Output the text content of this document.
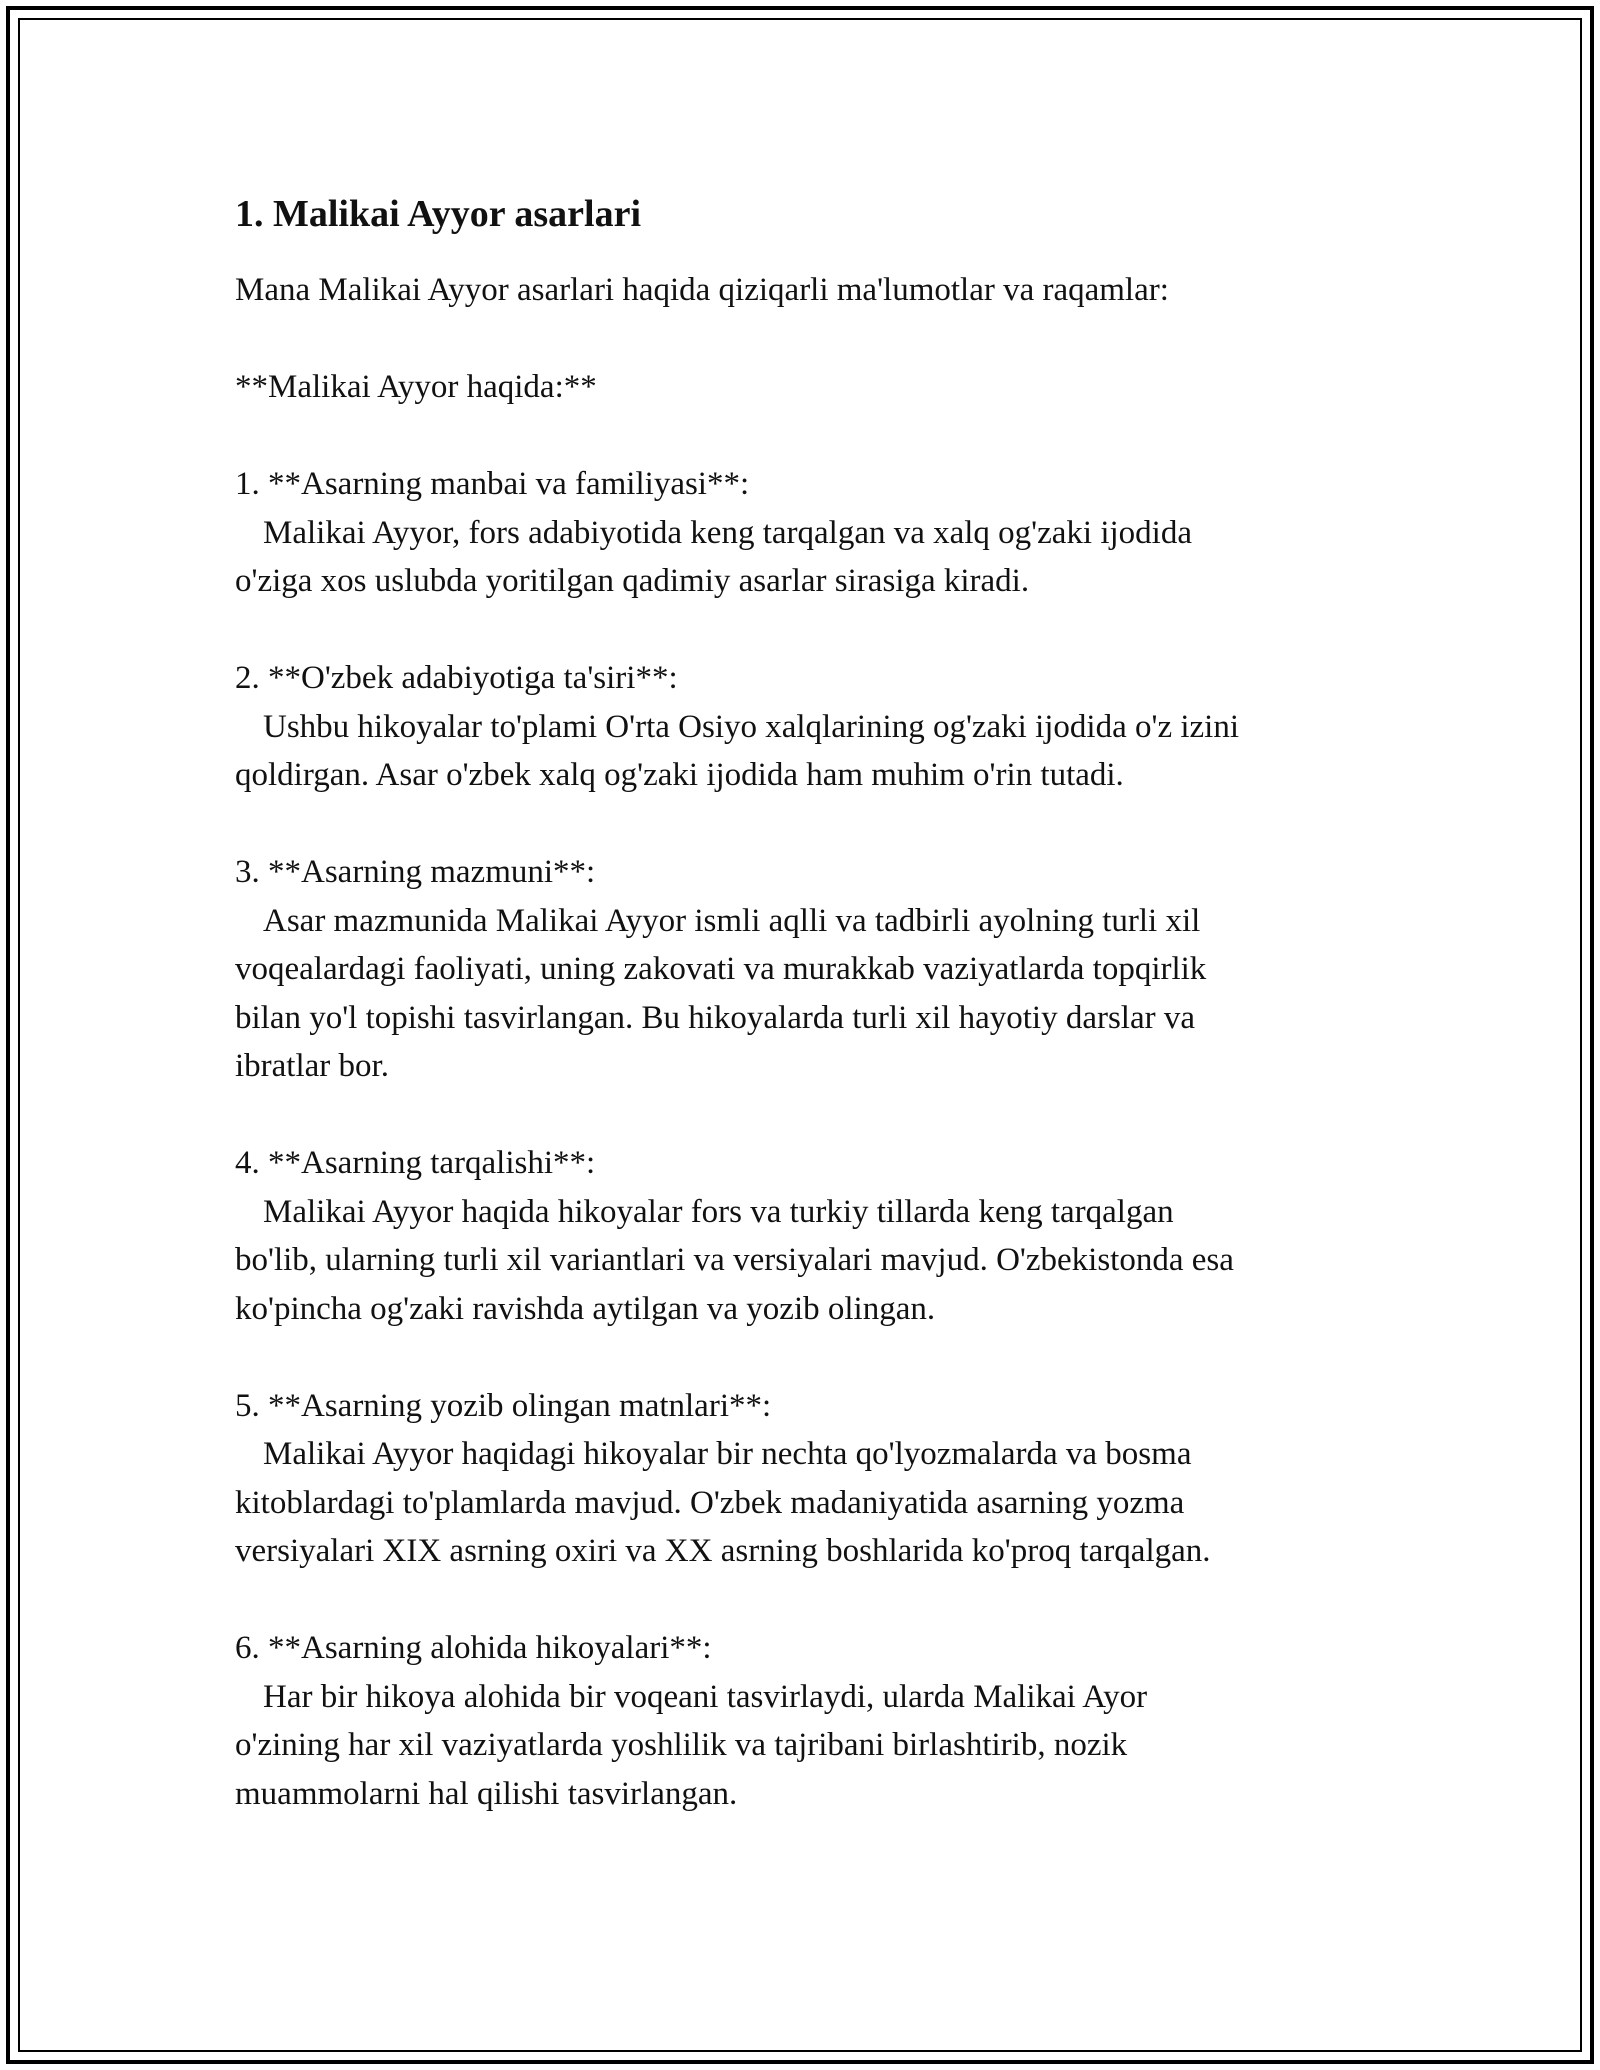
1. Malikai Ayyor asarlari

Mana Malikai Ayyor asarlari haqida qiziqarli ma'lumotlar va raqamlar:

**Malikai Ayyor haqida:**

1. **Asarning manbai va familiyasi**:

Malikai Ayyor, fors adabiyotida keng tarqalgan va xalq og'zaki ijodida
o'ziga xos uslubda yoritilgan qadimiy asarlar sirasiga kiradi.

2. **O'zbek adabiyotiga ta'siri**:

Ushbu hikoyalar to'plami O'rta Osiyo xalqlarining og'zaki ijodida o'z izini
qoldirgan. Asar o'zbek xalq og'zaki ijodida ham muhim o'rin tutadi.

3. **Asarning mazmuni**:

Asar mazmunida Malikai Ayyor ismli aqlli va tadbirli ayolning turli xil
voqealardagi faoliyati, uning zakovati va murakkab vaziyatlarda topqirlik
bilan yo'l topishi tasvirlangan. Bu hikoyalarda turli xil hayotiy darslar va
ibratlar bor.

4. **Asarning tarqalishi**:

Malikai Ayyor haqida hikoyalar fors va turkiy tillarda keng tarqalgan
bo'lib, ularning turli xil variantlari va versiyalari mavjud. O'zbekistonda esa
ko'pincha og'zaki ravishda aytilgan va yozib olingan.

5. **Asarning yozib olingan matnlari**:

Malikai Ayyor haqidagi hikoyalar bir nechta qo'lyozmalarda va bosma
kitoblardagi to'plamlarda mavjud. O'zbek madaniyatida asarning yozma
versiyalari XIX asrning oxiri va XX asrning boshlarida ko'proq tarqalgan.

6. **Asarning alohida hikoyalari**:

Har bir hikoya alohida bir voqeani tasvirlaydi, ularda Malikai Ayor
o'zining har xil vaziyatlarda yoshlilik va tajribani birlashtirib, nozik
muammolarni hal qilishi tasvirlangan.
